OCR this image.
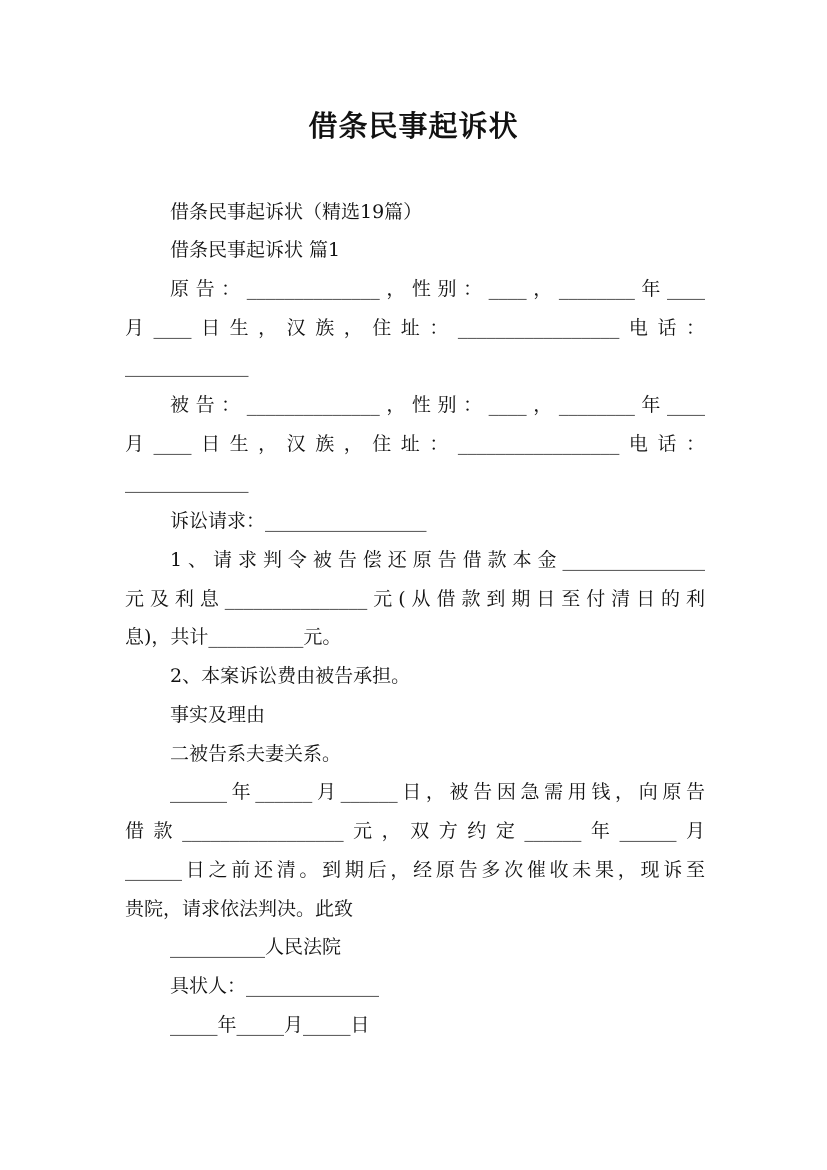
借条民事起诉状
借条民事起诉状（精选19篇）
借条民事起诉状 篇1
原告：______________，性别：____，________年____
月____日生，汉族，住址：_________________电话：
_____________
被告：______________，性别：____，________年____
月____日生，汉族，住址：_________________电话：
_____________
诉讼请求：_________________
1、请求判令被告偿还原告借款本金_______________
元及利息_______________元(从借款到期日至付清日的利
息)，共计__________元。
2、本案诉讼费由被告承担。
事实及理由
二被告系夫妻关系。
______年______月______日，被告因急需用钱，向原告
借款_________________元，双方约定______年______月
______日之前还清。到期后，经原告多次催收未果，现诉至
贵院，请求依法判决。此致
__________人民法院
具状人：______________
_____年_____月_____日
